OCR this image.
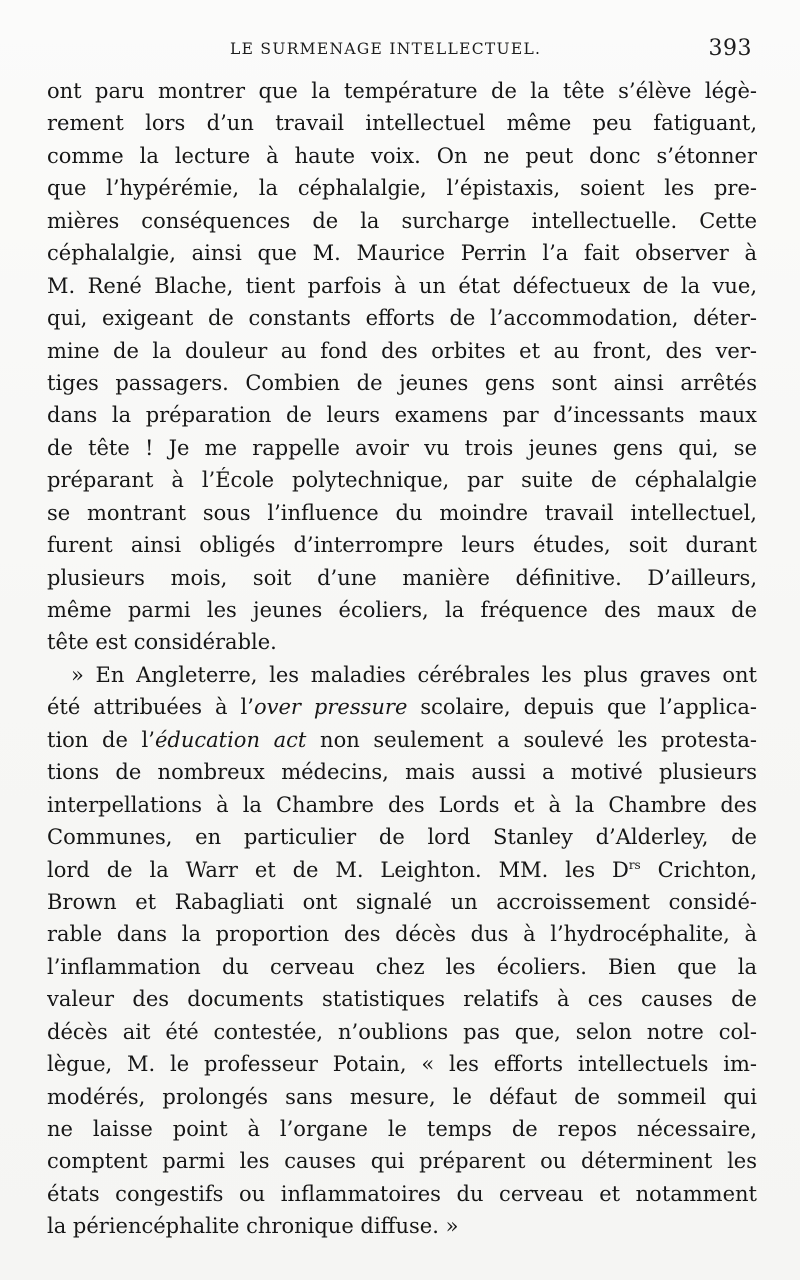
LE SURMENAGE INTELLECTUEL.	393
ont paru montrer que la température de la tête s’élève légè-
rement lors d’un travail intellectuel même peu fatiguant,
comme la lecture à haute voix. On ne peut donc s’étonner
que l’hypérémie, la céphalalgie, l’épistaxis, soient les pre-
mières conséquences de la surcharge intellectuelle. Cette
céphalalgie, ainsi que M. Maurice Perrin l’a fait observer à
M. René Blache, tient parfois à un état défectueux de la vue,
qui, exigeant de constants efforts de l’accommodation, déter-
mine de la douleur au fond des orbites et au front, des ver-
tiges passagers. Combien de jeunes gens sont ainsi arrêtés
dans la préparation de leurs examens par d’incessants maux
de tête ! Je me rappelle avoir vu trois jeunes gens qui, se
préparant à l’École polytechnique, par suite de céphalalgie
se montrant sous l’influence du moindre travail intellectuel,
furent ainsi obligés d’interrompre leurs études, soit durant
plusieurs mois, soit d’une manière définitive. D’ailleurs,
même parmi les jeunes écoliers, la fréquence des maux de
tête est considérable.
» En Angleterre, les maladies cérébrales les plus graves ont
été attribuées à l’over pressure scolaire, depuis que l’applica-
tion de l’éducation act non seulement a soulevé les protesta-
tions de nombreux médecins, mais aussi a motivé plusieurs
interpellations à la Chambre des Lords et à la Chambre des
Communes, en particulier de lord Stanley d’Alderley, de
lord de la Warr et de M. Leighton. MM. les $D^{rs}$ Crichton,
Brown et Rabagliati ont signalé un accroissement considé-
rable dans la proportion des décès dus à l’hydrocéphalite, à
l’inflammation du cerveau chez les écoliers. Bien que la
valeur des documents statistiques relatifs à ces causes de
décès ait été contestée, n’oublions pas que, selon notre col-
lègue, M. le professeur Potain, « les efforts intellectuels im-
modérés, prolongés sans mesure, le défaut de sommeil qui
ne laisse point à l’organe le temps de repos nécessaire,
comptent parmi les causes qui préparent ou déterminent les
états congestifs ou inflammatoires du cerveau et notamment
la périencéphalite chronique diffuse. »
